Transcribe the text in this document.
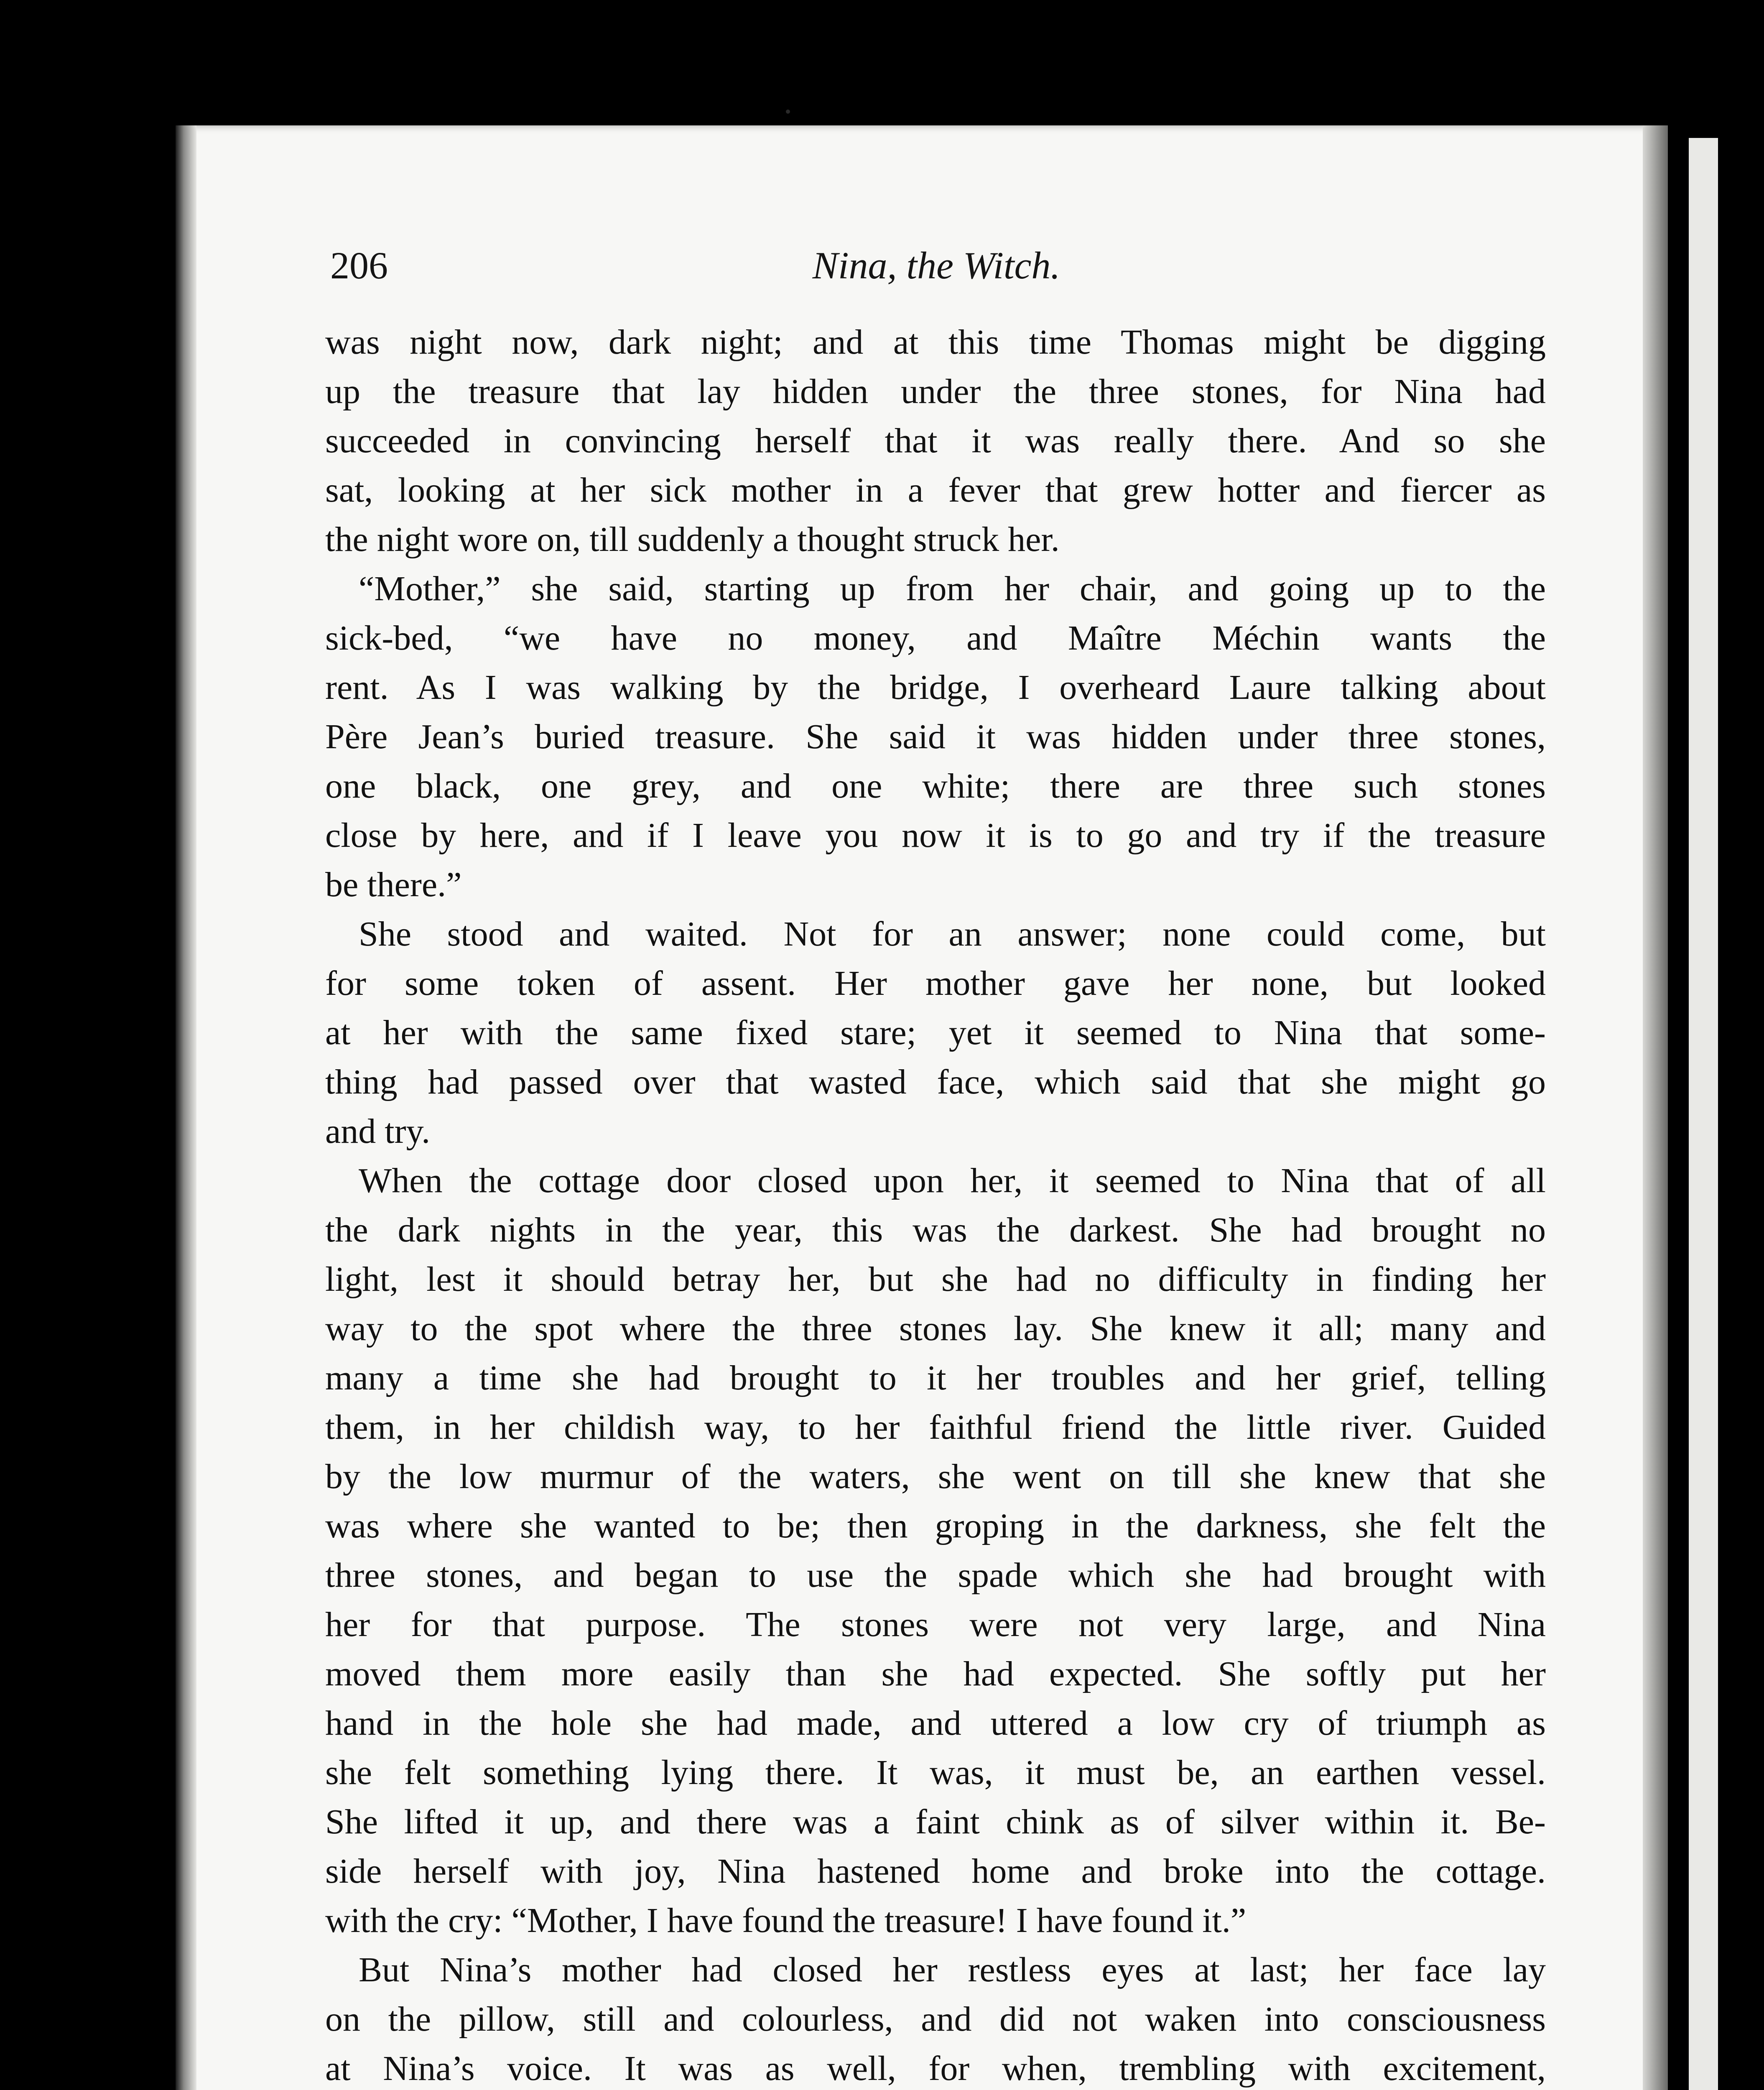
206	Nina, the Witch.
was night now, dark night; and at this time Thomas might be digging
up the treasure that lay hidden under the three stones, for Nina had
succeeded in convincing herself that it was really there. And so she
sat, looking at her sick mother in a fever that grew hotter and fiercer as
the night wore on, till suddenly a thought struck her.
“Mother,” she said, starting up from her chair, and going up to the
sick-bed, “we have no money, and Maître Méchin wants the
rent. As I was walking by the bridge, I overheard Laure talking about
Père Jean’s buried treasure. She said it was hidden under three stones,
one black, one grey, and one white; there are three such stones
close by here, and if I leave you now it is to go and try if the treasure
be there.”
She stood and waited. Not for an answer; none could come, but
for some token of assent. Her mother gave her none, but looked
at her with the same fixed stare; yet it seemed to Nina that some-
thing had passed over that wasted face, which said that she might go
and try.
When the cottage door closed upon her, it seemed to Nina that of all
the dark nights in the year, this was the darkest. She had brought no
light, lest it should betray her, but she had no difficulty in finding her
way to the spot where the three stones lay. She knew it all; many and
many a time she had brought to it her troubles and her grief, telling
them, in her childish way, to her faithful friend the little river. Guided
by the low murmur of the waters, she went on till she knew that she
was where she wanted to be; then groping in the darkness, she felt the
three stones, and began to use the spade which she had brought with
her for that purpose. The stones were not very large, and Nina
moved them more easily than she had expected. She softly put her
hand in the hole she had made, and uttered a low cry of triumph as
she felt something lying there. It was, it must be, an earthen vessel.
She lifted it up, and there was a faint chink as of silver within it. Be-
side herself with joy, Nina hastened home and broke into the cottage.
with the cry: “Mother, I have found the treasure! I have found it.”
But Nina’s mother had closed her restless eyes at last; her face lay
on the pillow, still and colourless, and did not waken into consciousness
at Nina’s voice. It was as well, for when, trembling with excitement,
